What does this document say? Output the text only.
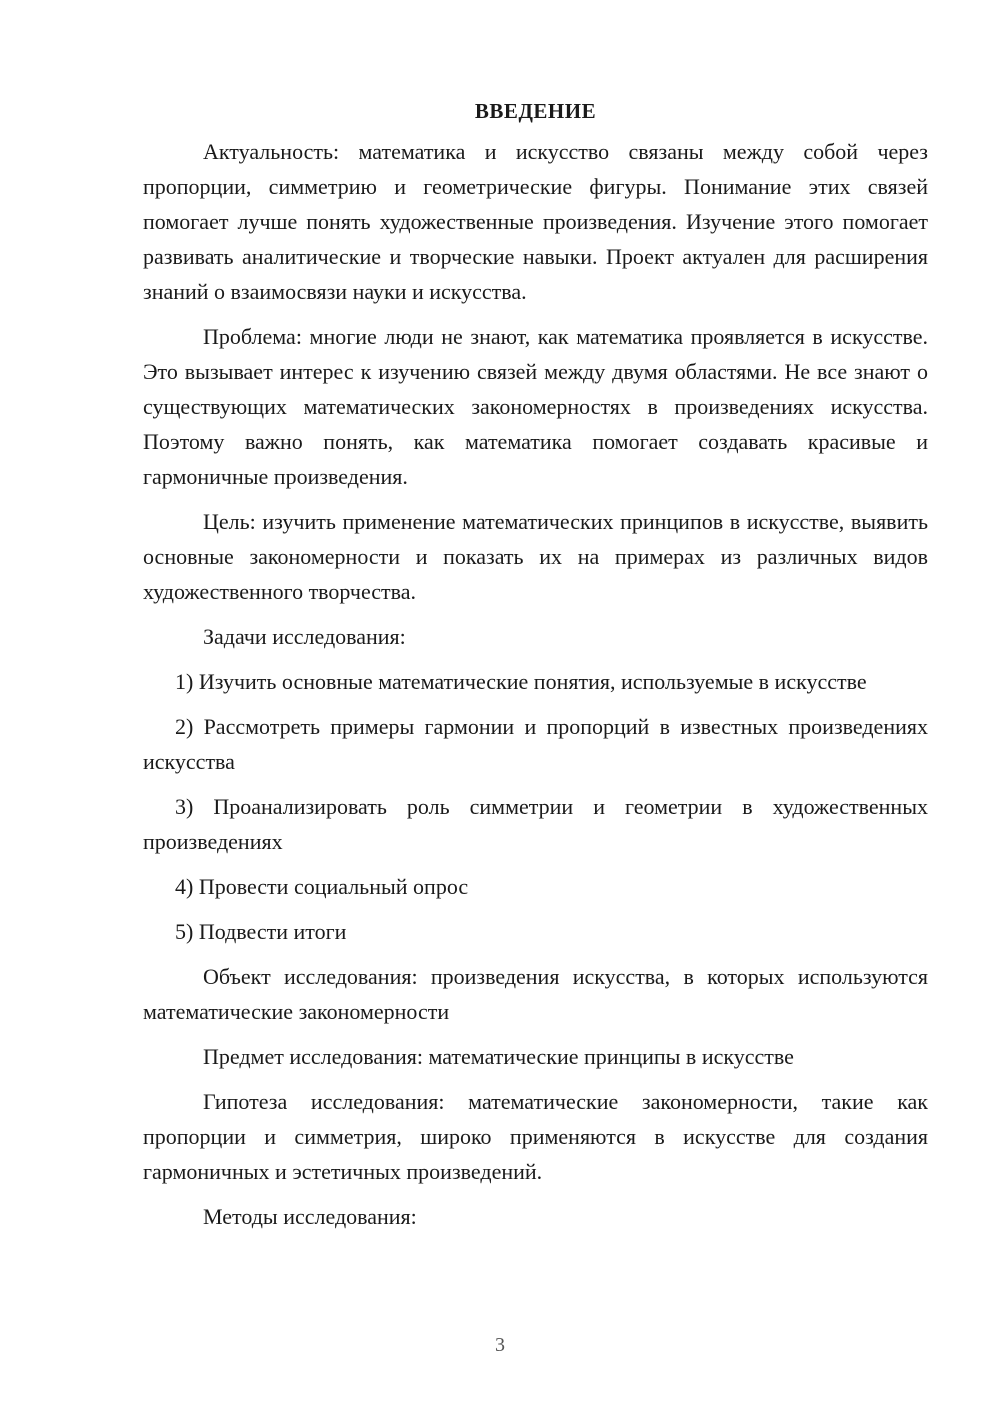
ВВЕДЕНИЕ

Актуальность: математика и искусство связаны между собой через пропорции, симметрию и геометрические фигуры. Понимание этих связей помогает лучше понять художественные произведения. Изучение этого помогает развивать аналитические и творческие навыки. Проект актуален для расширения знаний о взаимосвязи науки и искусства.

Проблема: многие люди не знают, как математика проявляется в искусстве. Это вызывает интерес к изучению связей между двумя областями. Не все знают о существующих математических закономерностях в произведениях искусства. Поэтому важно понять, как математика помогает создавать красивые и гармоничные произведения.

Цель: изучить применение математических принципов в искусстве, выявить основные закономерности и показать их на примерах из различных видов художественного творчества.

Задачи исследования:

1) Изучить основные математические понятия, используемые в искусстве

2) Рассмотреть примеры гармонии и пропорций в известных произведениях искусства

3) Проанализировать роль симметрии и геометрии в художественных произведениях

4) Провести социальный опрос

5) Подвести итоги

Объект исследования: произведения искусства, в которых используются математические закономерности

Предмет исследования: математические принципы в искусстве

Гипотеза исследования: математические закономерности, такие как пропорции и симметрия, широко применяются в искусстве для создания гармоничных и эстетичных произведений.

Методы исследования:

3
